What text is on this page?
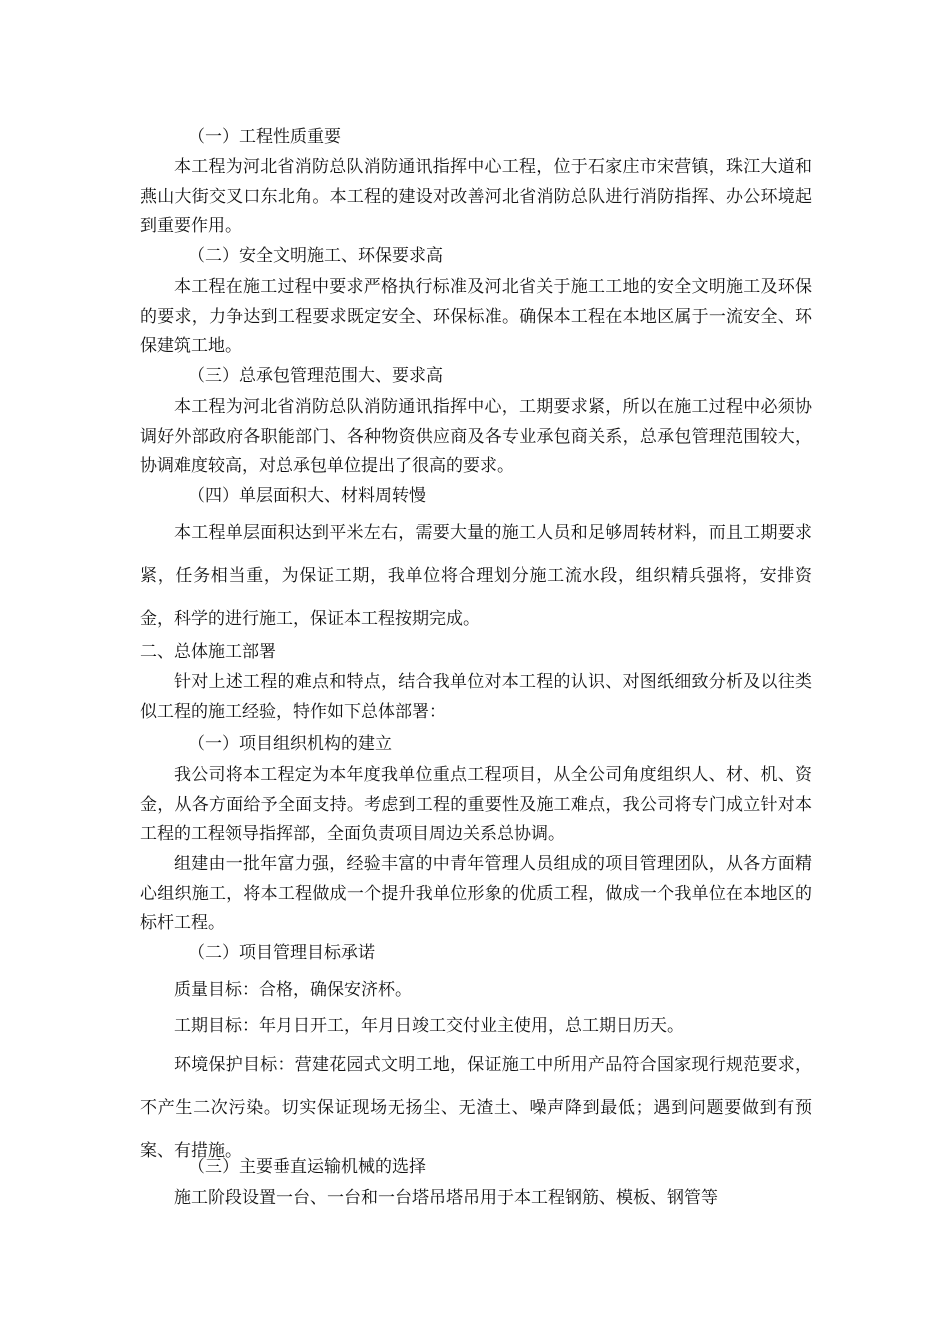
（一）工程性质重要

本工程为河北省消防总队消防通讯指挥中心工程，位于石家庄市宋营镇，珠江大道和燕山大街交叉口东北角。本工程的建设对改善河北省消防总队进行消防指挥、办公环境起到重要作用。

（二）安全文明施工、环保要求高

本工程在施工过程中要求严格执行标准及河北省关于施工工地的安全文明施工及环保的要求，力争达到工程要求既定安全、环保标准。确保本工程在本地区属于一流安全、环保建筑工地。

（三）总承包管理范围大、要求高

本工程为河北省消防总队消防通讯指挥中心，工期要求紧，所以在施工过程中必须协调好外部政府各职能部门、各种物资供应商及各专业承包商关系，总承包管理范围较大，协调难度较高，对总承包单位提出了很高的要求。

（四）单层面积大、材料周转慢

本工程单层面积达到平米左右，需要大量的施工人员和足够周转材料，而且工期要求紧，任务相当重，为保证工期，我单位将合理划分施工流水段，组织精兵强将，安排资金，科学的进行施工，保证本工程按期完成。

二、总体施工部署

针对上述工程的难点和特点，结合我单位对本工程的认识、对图纸细致分析及以往类似工程的施工经验，特作如下总体部署：

（一）项目组织机构的建立

我公司将本工程定为本年度我单位重点工程项目，从全公司角度组织人、材、机、资金，从各方面给予全面支持。考虑到工程的重要性及施工难点，我公司将专门成立针对本工程的工程领导指挥部，全面负责项目周边关系总协调。

组建由一批年富力强，经验丰富的中青年管理人员组成的项目管理团队，从各方面精心组织施工，将本工程做成一个提升我单位形象的优质工程，做成一个我单位在本地区的标杆工程。

（二）项目管理目标承诺

质量目标：合格，确保安济杯。

工期目标：年月日开工，年月日竣工交付业主使用，总工期日历天。

环境保护目标：营建花园式文明工地，保证施工中所用产品符合国家现行规范要求，不产生二次污染。切实保证现场无扬尘、无渣土、噪声降到最低；遇到问题要做到有预案、有措施。

（三）主要垂直运输机械的选择

施工阶段设置一台、一台和一台塔吊塔吊用于本工程钢筋、模板、钢管等
